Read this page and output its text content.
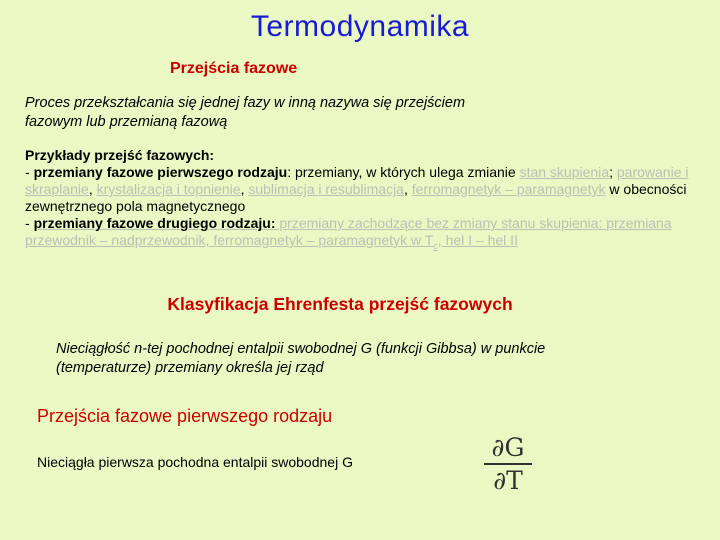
Termodynamika
Przejścia fazowe
Proces przekształcania się jednej fazy w inną nazywa się przejściem
fazowym lub przemianą fazową
Przykłady przejść fazowych:
- przemiany fazowe pierwszego rodzaju: przemiany, w których ulega zmianie stan skupienia; parowanie i skraplanie, krystalizacja i topnienie, sublimacja i resublimacja, ferromagnetyk – paramagnetyk w obecności zewnętrznego pola magnetycznego
- przemiany fazowe drugiego rodzaju: przemiany zachodzące bez zmiany stanu skupienia: przemiana przewodnik – nadprzewodnik, ferromagnetyk – paramagnetyk w $T_c$, hel I – hel II
Klasyfikacja Ehrenfesta przejść fazowych
Nieciągłość n-tej pochodnej entalpii swobodnej G (funkcji Gibbsa) w punkcie
(temperaturze) przemiany określa jej rząd
Przejścia fazowe pierwszego rodzaju
Nieciągła pierwsza pochodna entalpii swobodnej G	∂G
∂T
